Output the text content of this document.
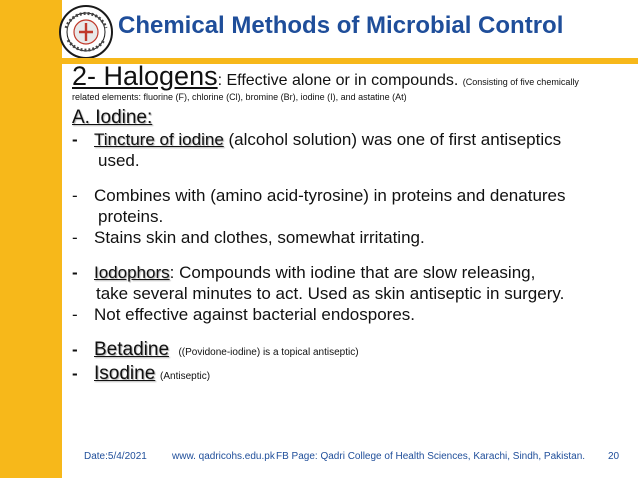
Chemical Methods of Microbial Control
2- Halogens: Effective alone or in compounds. (Consisting of five chemically
related elements: fluorine (F), chlorine (Cl), bromine (Br), iodine (I), and astatine (At)
A. Iodine:
- Tincture of iodine (alcohol solution) was one of first antiseptics
used.
- Combines with (amino acid-tyrosine) in proteins and denatures
proteins.
- Stains skin and clothes, somewhat irritating.
- Iodophors: Compounds with iodine that are slow releasing,
take several minutes to act. Used as skin antiseptic in surgery.
- Not effective against bacterial endospores.
- Betadine ((Povidone-iodine) is a topical antiseptic)
- Isodine (Antiseptic)
Date:5/4/2021	www. qadricohs.edu.pk FB Page: Qadri College of Health Sciences, Karachi, Sindh, Pakistan. 20
